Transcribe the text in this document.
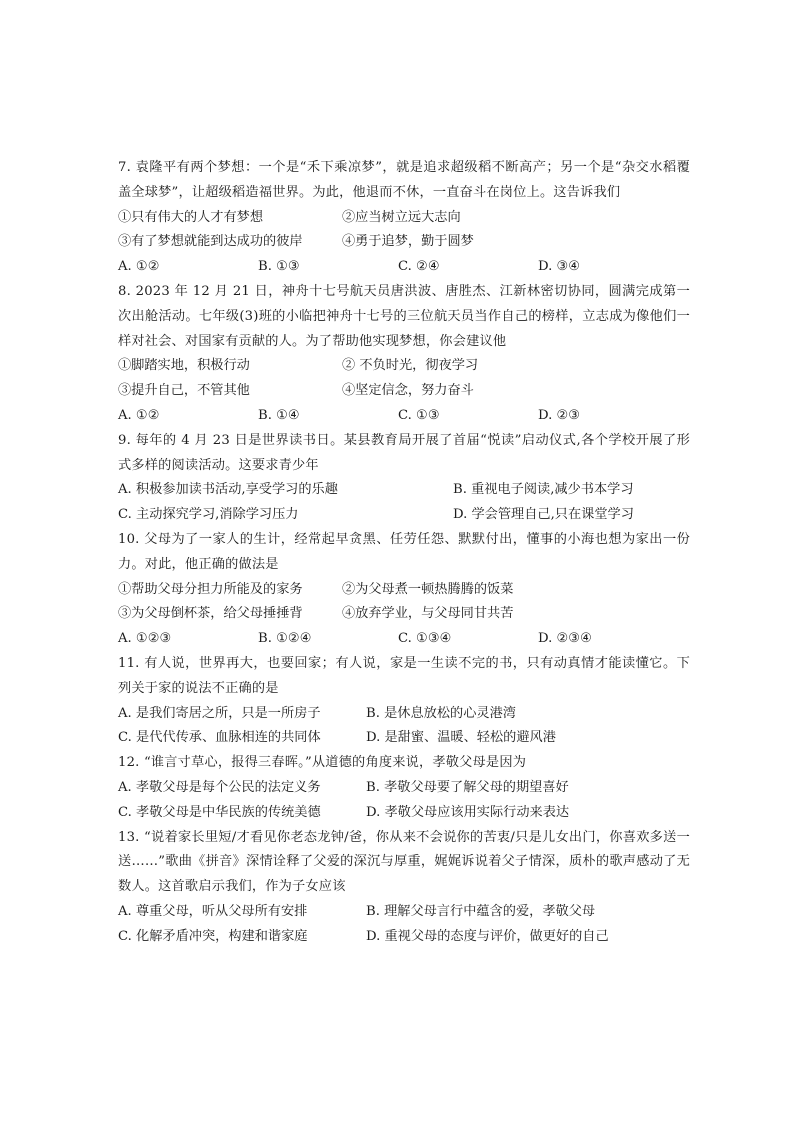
7. 袁隆平有两个梦想：一个是“禾下乘凉梦”，就是追求超级稻不断高产；另一个是“杂交水稻覆盖全球梦”，让超级稻造福世界。为此，他退而不休，一直奋斗在岗位上。这告诉我们
①只有伟大的人才有梦想	②应当树立远大志向
③有了梦想就能到达成功的彼岸	④勇于追梦，勤于圆梦
A. ①②	B. ①③	C. ②④	D. ③④
8. 2023 年 12 月 21 日，神舟十七号航天员唐洪波、唐胜杰、江新林密切协同，圆满完成第一次出舱活动。七年级(3)班的小临把神舟十七号的三位航天员当作自己的榜样，立志成为像他们一样对社会、对国家有贡献的人。为了帮助他实现梦想，你会建议他
①脚踏实地，积极行动	② 不负时光，彻夜学习
③提升自己，不管其他	④坚定信念，努力奋斗
A. ①②	B. ①④	C. ①③	D. ②③
9. 每年的 4 月 23 日是世界读书日。某县教育局开展了首届“悦读”启动仪式,各个学校开展了形式多样的阅读活动。这要求青少年
A. 积极参加读书活动,享受学习的乐趣	B. 重视电子阅读,减少书本学习
C. 主动探究学习,消除学习压力	D. 学会管理自己,只在课堂学习
10. 父母为了一家人的生计，经常起早贪黑、任劳任怨、默默付出，懂事的小海也想为家出一份力。对此，他正确的做法是
①帮助父母分担力所能及的家务	②为父母煮一顿热腾腾的饭菜
③为父母倒杯茶，给父母捶捶背	④放弃学业，与父母同甘共苦
A. ①②③	B. ①②④	C. ①③④	D. ②③④
11. 有人说，世界再大，也要回家；有人说，家是一生读不完的书，只有动真情才能读懂它。下列关于家的说法不正确的是
A. 是我们寄居之所，只是一所房子	B. 是休息放松的心灵港湾
C. 是代代传承、血脉相连的共同体	D. 是甜蜜、温暖、轻松的避风港
12. “谁言寸草心，报得三春晖。”从道德的角度来说，孝敬父母是因为
A. 孝敬父母是每个公民的法定义务	B. 孝敬父母要了解父母的期望喜好
C. 孝敬父母是中华民族的传统美德	D. 孝敬父母应该用实际行动来表达
13. “说着家长里短/才看见你老态龙钟/爸，你从来不会说你的苦衷/只是儿女出门，你喜欢多送一送……”歌曲《拼音》深情诠释了父爱的深沉与厚重，娓娓诉说着父子情深，质朴的歌声感动了无数人。这首歌启示我们，作为子女应该
A. 尊重父母，听从父母所有安排	B. 理解父母言行中蕴含的爱，孝敬父母
C. 化解矛盾冲突，构建和谐家庭	D. 重视父母的态度与评价，做更好的自己
